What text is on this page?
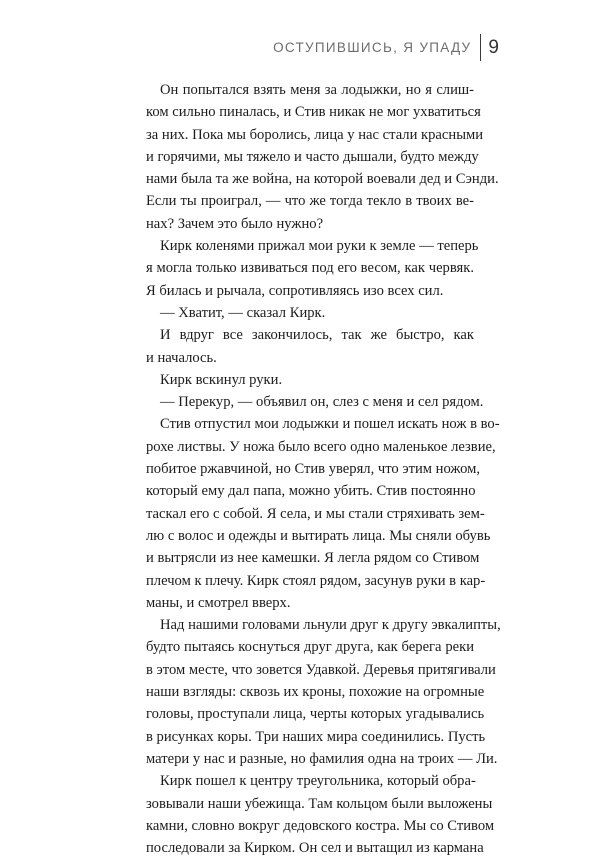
ОСТУПИВШИСЬ, Я УПАДУ 9
Он попытался взять меня за лодыжки, но я слиш-
ком сильно пиналась, и Стив никак не мог ухватиться
за них. Пока мы боролись, лица у нас стали красными
и горячими, мы тяжело и часто дышали, будто между
нами была та же война, на которой воевали дед и Сэнди.
Если ты проиграл, — что же тогда текло в твоих ве-
нах? Зачем это было нужно?
Кирк коленями прижал мои руки к земле — теперь
я могла только извиваться под его весом, как червяк.
Я билась и рычала, сопротивляясь изо всех сил.
— Хватит, — сказал Кирк.
И вдруг все закончилось, так же быстро, как
и началось.
Кирк вскинул руки.
— Перекур, — объявил он, слез с меня и сел рядом.
Стив отпустил мои лодыжки и пошел искать нож в во-
рохе листвы. У ножа было всего одно маленькое лезвие,
побитое ржавчиной, но Стив уверял, что этим ножом,
который ему дал папа, можно убить. Стив постоянно
таскал его с собой. Я села, и мы стали стряхивать зем-
лю с волос и одежды и вытирать лица. Мы сняли обувь
и вытрясли из нее камешки. Я легла рядом со Стивом
плечом к плечу. Кирк стоял рядом, засунув руки в кар-
маны, и смотрел вверх.
Над нашими головами льнули друг к другу эвкалипты,
будто пытаясь коснуться друг друга, как берега реки
в этом месте, что зовется Удавкой. Деревья притягивали
наши взгляды: сквозь их кроны, похожие на огромные
головы, проступали лица, черты которых угадывались
в рисунках коры. Три наших мира соединились. Пусть
матери у нас и разные, но фамилия одна на троих — Ли.
Кирк пошел к центру треугольника, который обра-
зовывали наши убежища. Там кольцом были выложены
камни, словно вокруг дедовского костра. Мы со Стивом
последовали за Кирком. Он сел и вытащил из кармана
